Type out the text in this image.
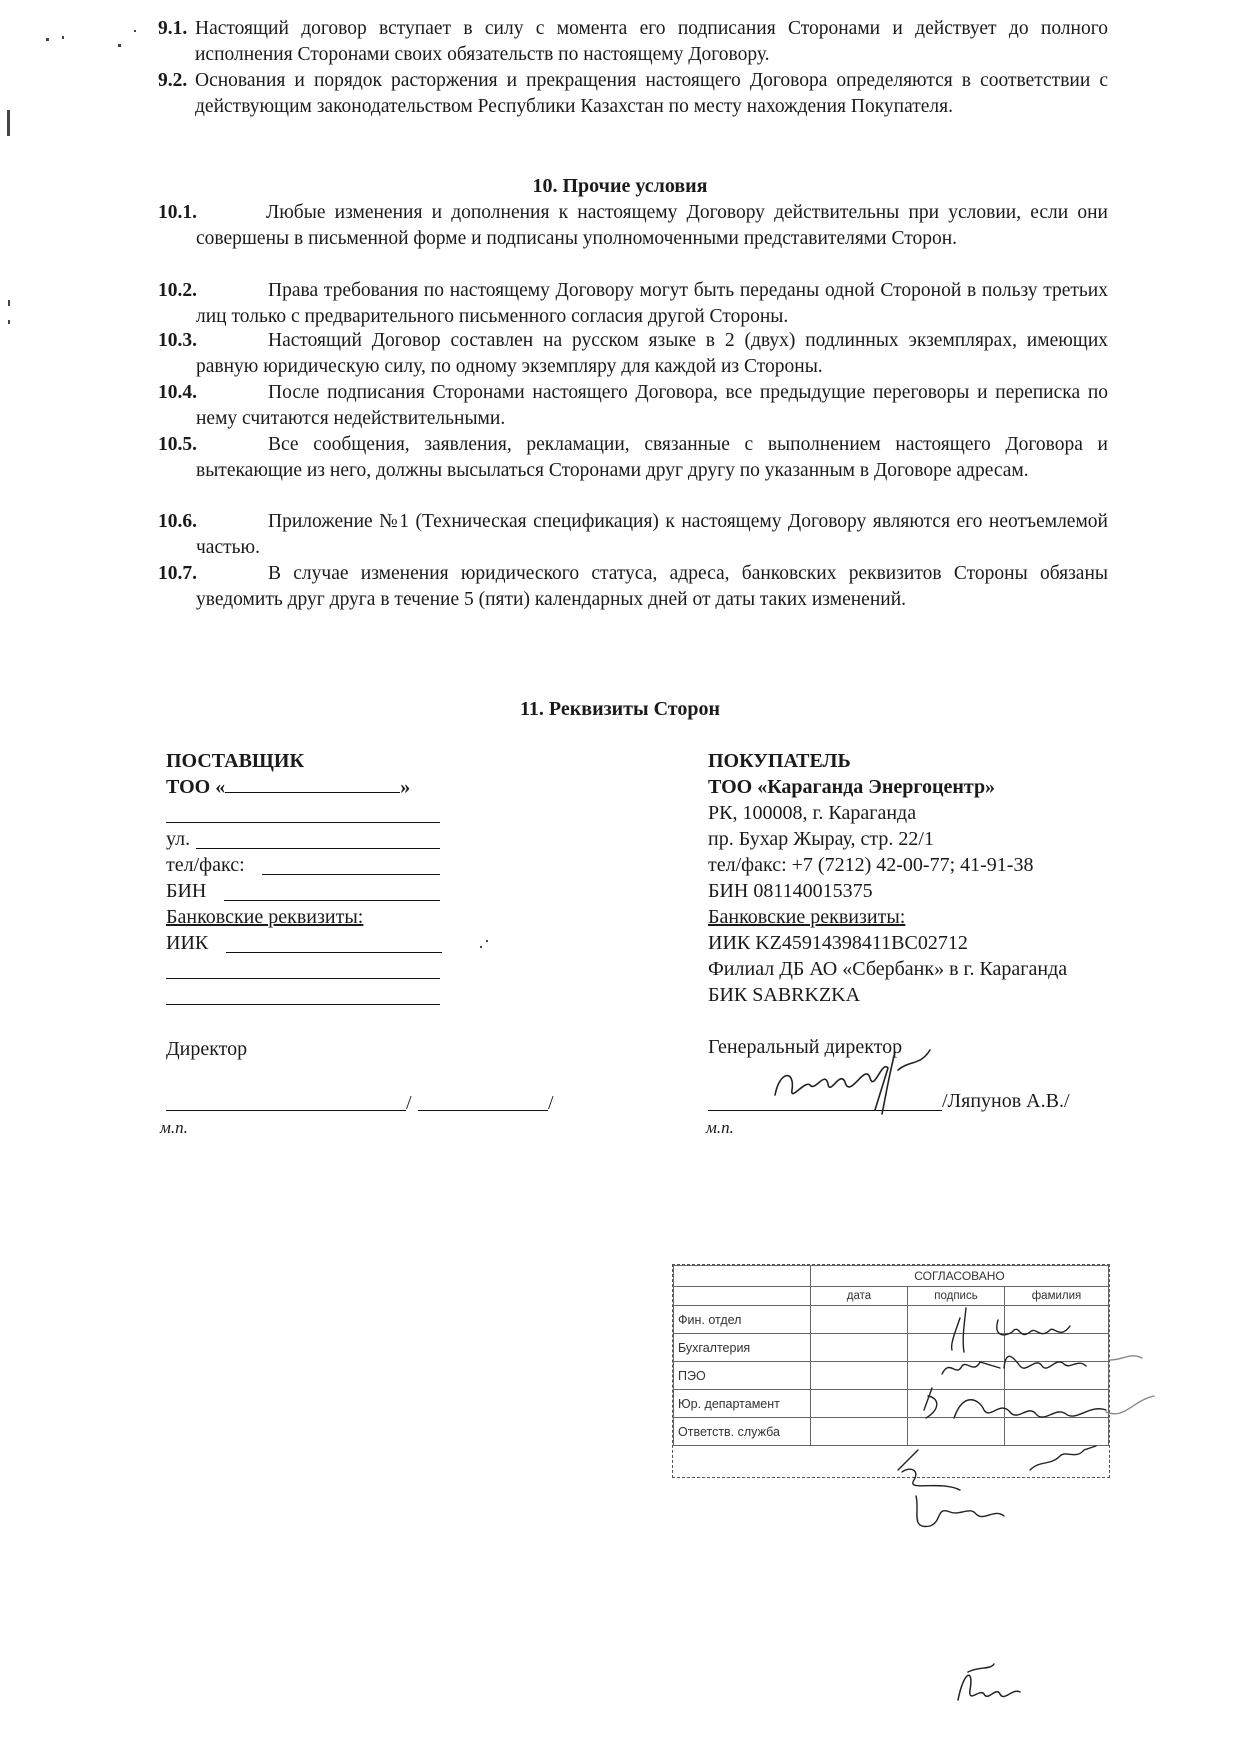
9.1. Настоящий договор вступает в силу с момента его подписания Сторонами и действует до полного исполнения Сторонами своих обязательств по настоящему Договору.
9.2. Основания и порядок расторжения и прекращения настоящего Договора определяются в соответствии с действующим законодательством Республики Казахстан по месту нахождения Покупателя.
10. Прочие условия
10.1.	Любые изменения и дополнения к настоящему Договору действительны при условии, если они совершены в письменной форме и подписаны уполномоченными представителями Сторон.
10.2.	Права требования по настоящему Договору могут быть переданы одной Стороной в пользу третьих лиц только с предварительного письменного согласия другой Стороны.
10.3.	Настоящий Договор составлен на русском языке в 2 (двух) подлинных экземплярах, имеющих равную юридическую силу, по одному экземпляру для каждой из Стороны.
10.4.	После подписания Сторонами настоящего Договора, все предыдущие переговоры и переписка по нему считаются недействительными.
10.5.	Все сообщения, заявления, рекламации, связанные с выполнением настоящего Договора и вытекающие из него, должны высылаться Сторонами друг другу по указанным в Договоре адресам.
10.6.	Приложение №1 (Техническая спецификация) к настоящему Договору являются его неотъемлемой частью.
10.7.	В случае изменения юридического статуса, адреса, банковских реквизитов Стороны обязаны уведомить друг друга в течение 5 (пяти) календарных дней от даты таких изменений.
11. Реквизиты Сторон
ПОСТАВЩИК
ТОО «	»
ул.
тел/факс:
БИН
Банковские реквизиты:
ИИК
Директор
/	/
м.п.
ПОКУПАТЕЛЬ
ТОО «Караганда Энергоцентр»
РК, 100008, г. Караганда
пр. Бухар Жырау, стр. 22/1
тел/факс: +7 (7212) 42-00-77; 41-91-38
БИН 081140015375
Банковские реквизиты:
ИИК KZ45914398411BC02712
Филиал ДБ АО «Сбербанк» в г. Караганда
БИК SABRKZKA
Генеральный директор
/Ляпунов А.В./
м.п.
	СОГЛАСОВАНО		
	дата	подпись	фамилия
Фин. отдел			
Бухгалтерия			
ПЭО			
Юр. департамент			
Ответств. служба			
